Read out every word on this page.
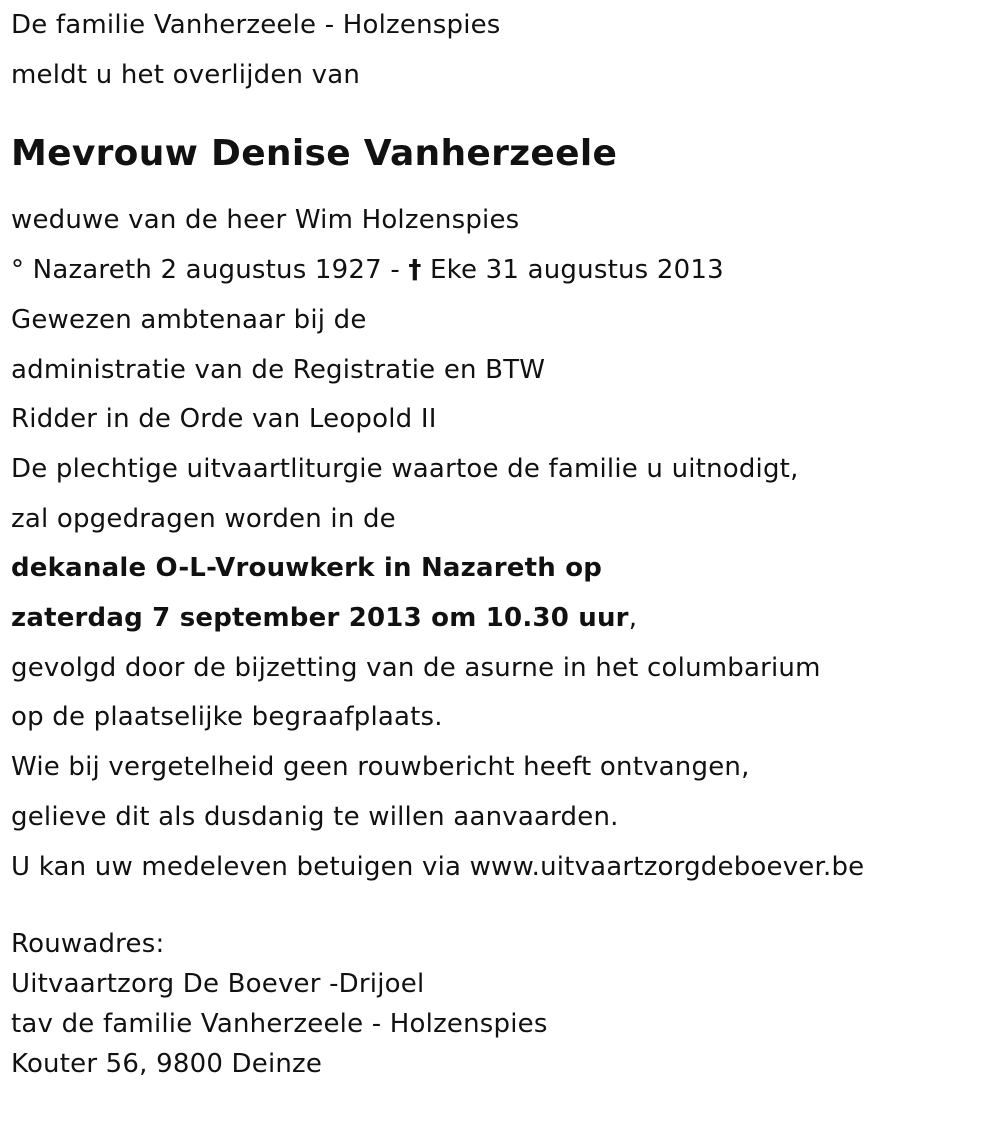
De familie Vanherzeele - Holzenspies
meldt u het overlijden van
Mevrouw Denise Vanherzeele
weduwe van de heer Wim Holzenspies
° Nazareth 2 augustus 1927 - † Eke 31 augustus 2013
Gewezen ambtenaar bij de
administratie van de Registratie en BTW
Ridder in de Orde van Leopold II
De plechtige uitvaartliturgie waartoe de familie u uitnodigt,
zal opgedragen worden in de
dekanale O-L-Vrouwkerk in Nazareth op
zaterdag 7 september 2013 om 10.30 uur,
gevolgd door de bijzetting van de asurne in het columbarium
op de plaatselijke begraafplaats.
Wie bij vergetelheid geen rouwbericht heeft ontvangen,
gelieve dit als dusdanig te willen aanvaarden.
U kan uw medeleven betuigen via www.uitvaartzorgdeboever.be
Rouwadres:
Uitvaartzorg De Boever -Drijoel
tav de familie Vanherzeele - Holzenspies
Kouter 56, 9800 Deinze
